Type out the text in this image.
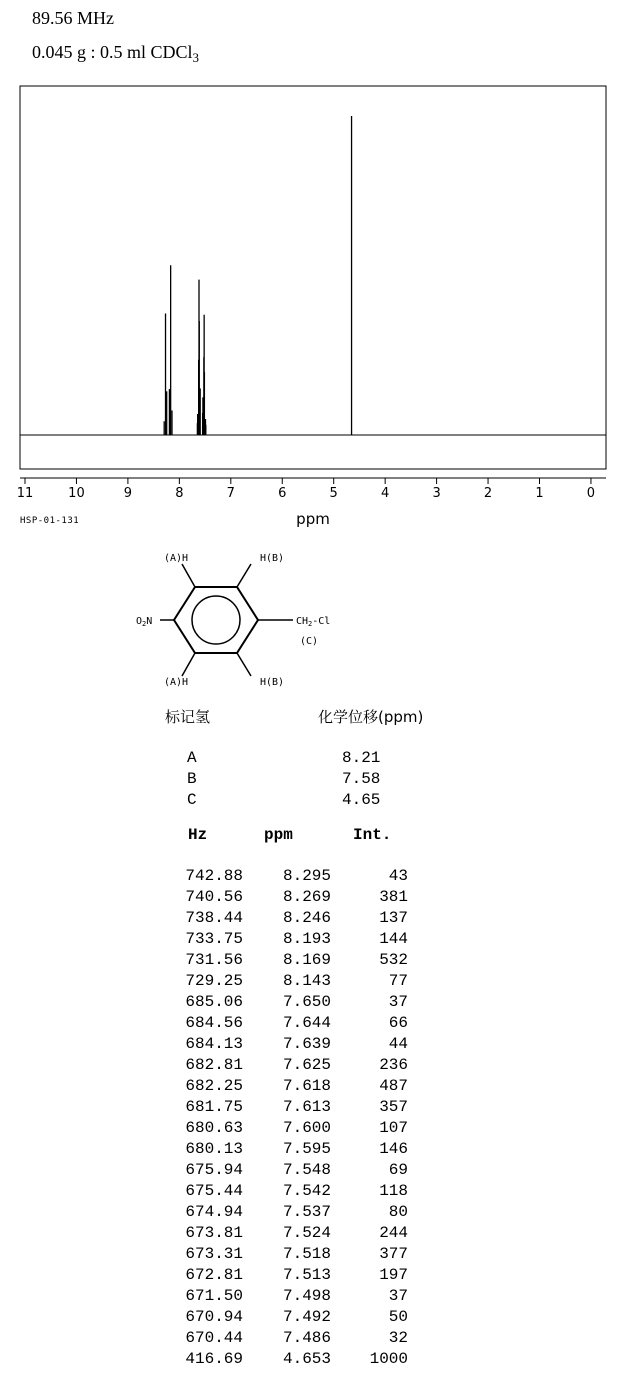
89.56 MHz
0.045 g : 0.5 ml CDCl$_3$
11	10	9	8	7	6	5	4	3	2	1	0
ppm
HSP-01-131
(A)H	H(B)
(A)H	H(B)
$O_2N$	$CH_2-Cl$
(C)
标记氢	化学位移(ppm)
A	8.21
B	7.58
C	4.65
Hz	ppm	Int.
742.88	8.295	43
740.56	8.269	381
738.44	8.246	137
733.75	8.193	144
731.56	8.169	532
729.25	8.143	77
685.06	7.650	37
684.56	7.644	66
684.13	7.639	44
682.81	7.625	236
682.25	7.618	487
681.75	7.613	357
680.63	7.600	107
680.13	7.595	146
675.94	7.548	69
675.44	7.542	118
674.94	7.537	80
673.81	7.524	244
673.31	7.518	377
672.81	7.513	197
671.50	7.498	37
670.94	7.492	50
670.44	7.486	32
416.69	4.653	1000
